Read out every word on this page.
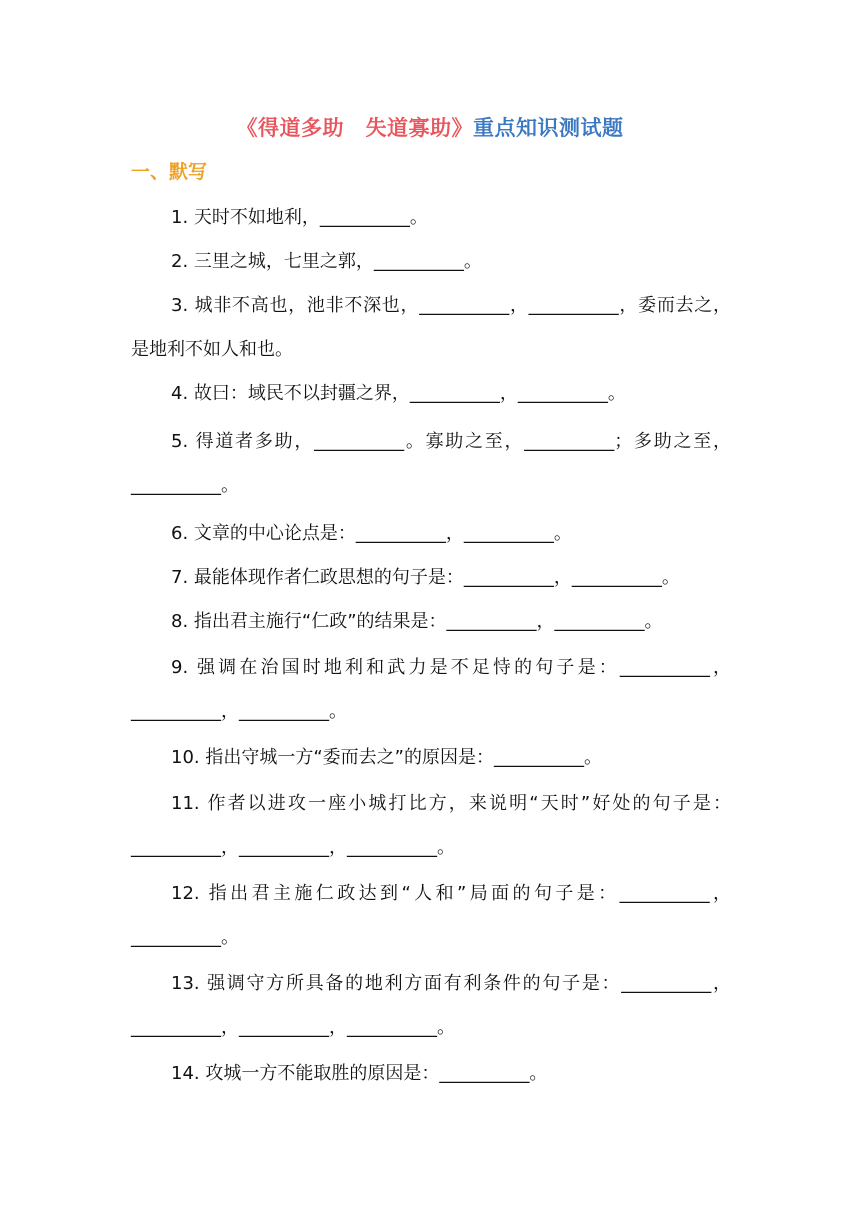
《得道多助　失道寡助》重点知识测试题
一、默写
1. 天时不如地利，__________。
2. 三里之城，七里之郭，__________。
3. 城非不高也，池非不深也，__________，__________，委而去之，是地利不如人和也。
4. 故曰：域民不以封疆之界，__________，__________。
5. 得道者多助，__________。寡助之至，__________；多助之至，__________。
6. 文章的中心论点是：__________，__________。
7. 最能体现作者仁政思想的句子是：__________，__________。
8. 指出君主施行“仁政”的结果是：__________，__________。
9. 强调在治国时地利和武力是不足恃的句子是：__________，__________，__________。
10. 指出守城一方“委而去之”的原因是：__________。
11. 作者以进攻一座小城打比方，来说明“天时”好处的句子是：__________，__________，__________。
12. 指出君主施仁政达到“人和”局面的句子是：__________，__________。
13. 强调守方所具备的地利方面有利条件的句子是：__________，__________，__________，__________。
14. 攻城一方不能取胜的原因是：__________。
